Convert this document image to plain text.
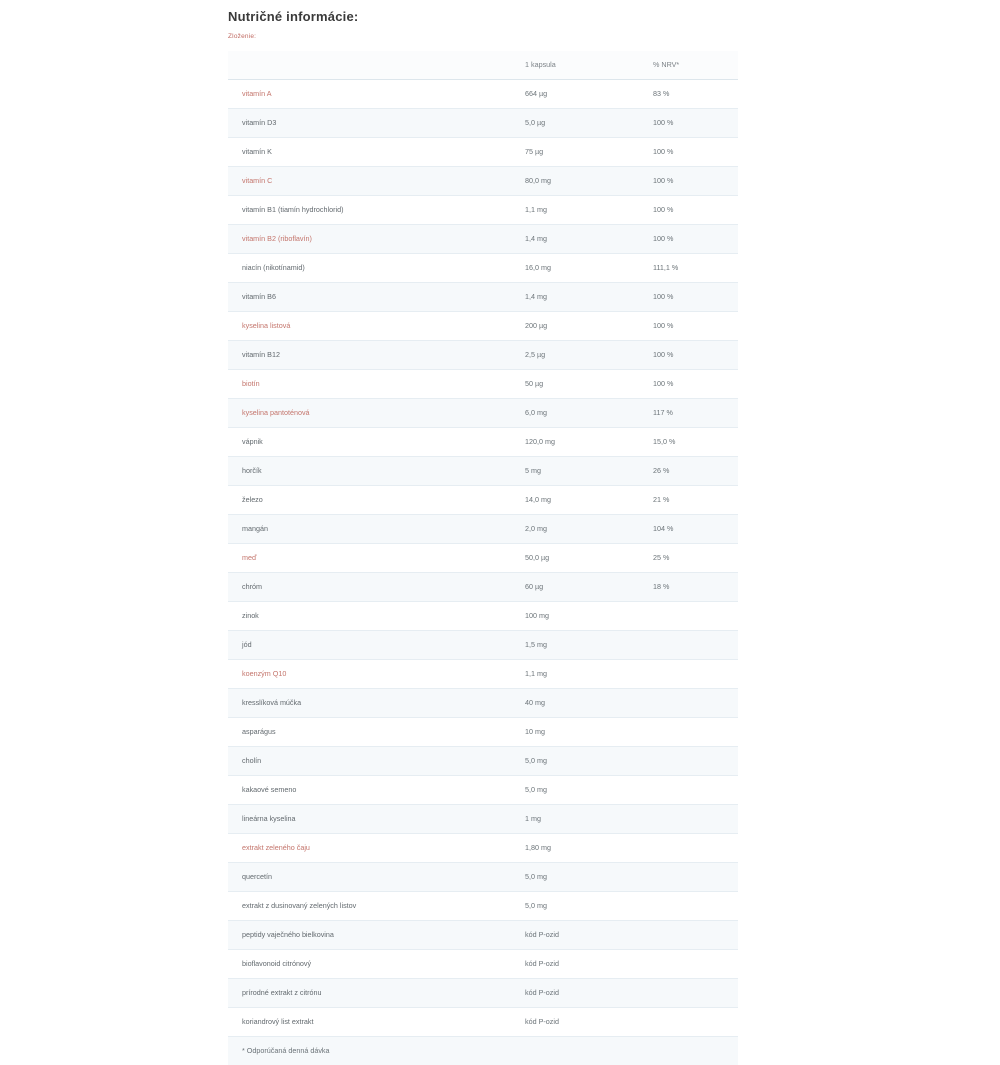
Nutričné informácie:
Zloženie:
	1 kapsula	% NRV*
vitamín A	664 µg	83 %
vitamín D3	5,0 µg	100 %
vitamín K	75 µg	100 %
vitamín C	80,0 mg	100 %
vitamín B1 (tiamín hydrochlorid)	1,1 mg	100 %
vitamín B2 (riboflavín)	1,4 mg	100 %
niacín (nikotínamid)	16,0 mg	111,1 %
vitamín B6	1,4 mg	100 %
kyselina listová	200 µg	100 %
vitamín B12	2,5 µg	100 %
biotín	50 µg	100 %
kyselina pantoténová	6,0 mg	117 %
vápnik	120,0 mg	15,0 %
horčík	5 mg	26 %
železo	14,0 mg	21 %
mangán	2,0 mg	104 %
meď	50,0 µg	25 %
chróm	60 µg	18 %
zinok	100 mg	
jód	1,5 mg	
koenzým Q10	1,1 mg	
kresslíková múčka	40 mg	
asparágus	10 mg	
cholín	5,0 mg	
kakaové semeno	5,0 mg	
lineárna kyselina	1 mg	
extrakt zeleného čaju	1,80 mg	
quercetín	5,0 mg	
extrakt z dusinovaný zelených listov	5,0 mg	
peptidy vaječného bielkovina	kód P-ozid	
bioflavonoid citrónový	kód P-ozid	
prírodné extrakt z citrónu	kód P-ozid	
koriandrový list extrakt	kód P-ozid	
* Odporúčaná denná dávka		
